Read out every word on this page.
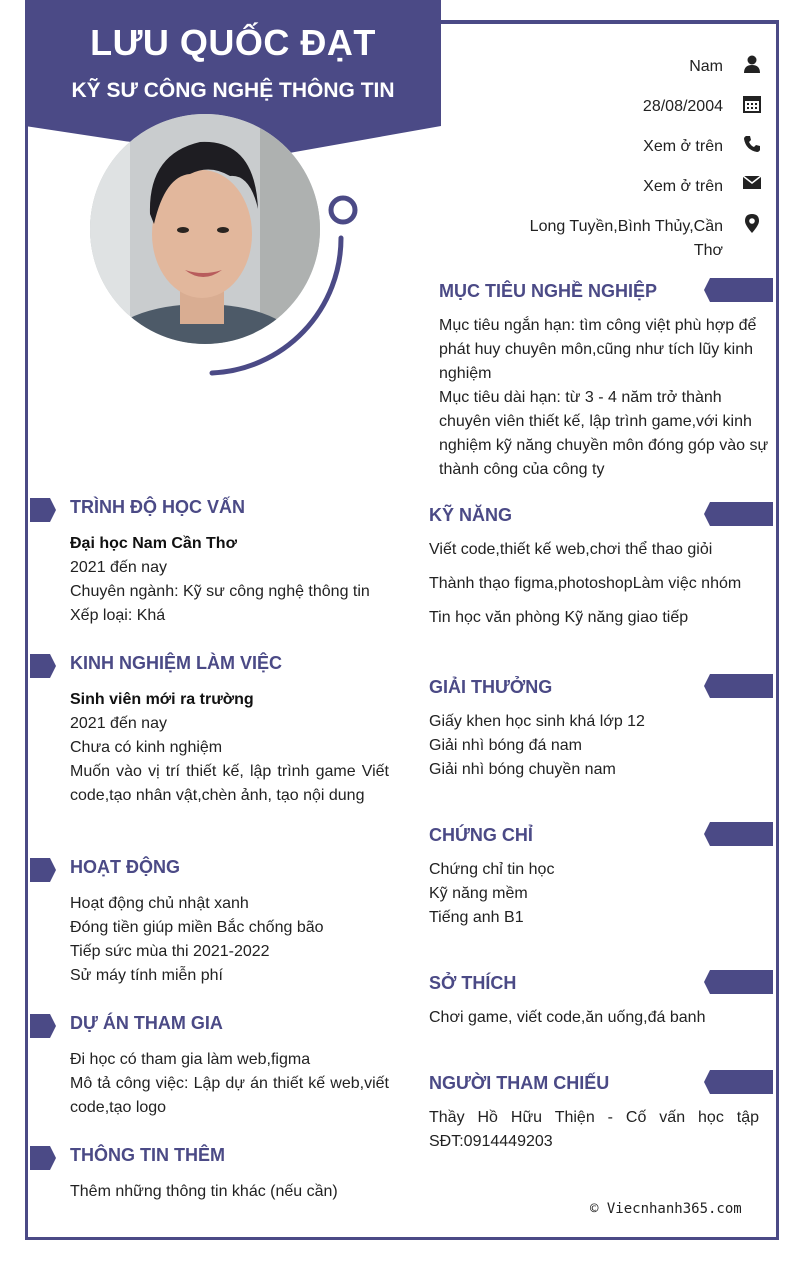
LƯU QUỐC ĐẠT
KỸ SƯ CÔNG NGHỆ THÔNG TIN
Nam
28/08/2004
Xem ở trên
Xem ở trên
Long Tuyền,Bình Thủy,Cần
Thơ
TRÌNH ĐỘ HỌC VẤN
Đại học Nam Cần Thơ
2021 đến nay
Chuyên ngành: Kỹ sư công nghệ thông tin
Xếp loại: Khá
KINH NGHIỆM LÀM VIỆC
Sinh viên mới ra trường
2021 đến nay
Chưa có kinh nghiệm
Muốn vào vị trí thiết kế, lập trình game Viết code,tạo nhân vật,chèn ảnh, tạo nội dung
HOẠT ĐỘNG
Hoạt động chủ nhật xanh
Đóng tiền giúp miền Bắc chống bão
Tiếp sức mùa thi 2021-2022
Sử máy tính miễn phí
DỰ ÁN THAM GIA
Đi học có tham gia làm web,figma
Mô tả công việc: Lập dự án thiết kế web,viết code,tạo logo
THÔNG TIN THÊM
Thêm những thông tin khác (nếu cần)
MỤC TIÊU NGHỀ NGHIỆP
Mục tiêu ngắn hạn: tìm công việt phù hợp để phát huy chuyên môn,cũng như tích lũy kinh nghiệm
Mục tiêu dài hạn: từ 3 - 4 năm trở thành chuyên viên thiết kế, lập trình game,với kinh nghiệm kỹ năng chuyền môn đóng góp vào sự thành công của công ty
KỸ NĂNG
Viết code,thiết kế web,chơi thể thao giỏi
Thành thạo figma,photoshopLàm việc nhóm
Tin học văn phòng Kỹ năng giao tiếp
GIẢI THƯỞNG
Giấy khen học sinh khá lớp 12
Giải nhì bóng đá nam
Giải nhì bóng chuyền nam
CHỨNG CHỈ
Chứng chỉ tin học
Kỹ năng mềm
Tiếng anh B1
SỞ THÍCH
Chơi game, viết code,ăn uống,đá banh
NGƯỜI THAM CHIẾU
Thầy Hồ Hữu Thiện - Cố vấn học tập SĐT:0914449203
© Viecnhanh365.com
